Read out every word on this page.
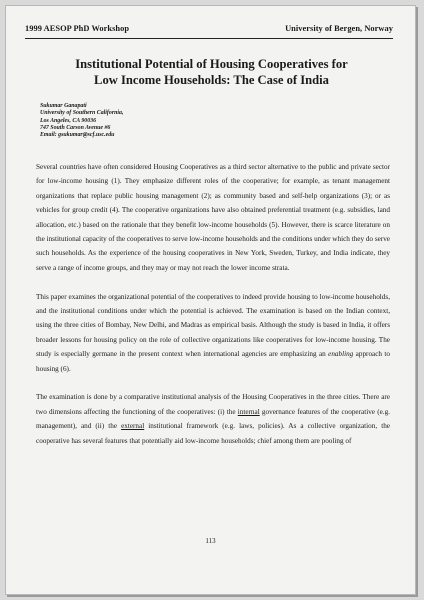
1999 AESOP PhD Workshop	University of Bergen, Norway
Institutional Potential of Housing Cooperatives for
Low Income Households: The Case of India
Sukumar Ganapati
University of Southern California,
Los Angeles, CA 90036
747 South Carson Avenue #6
Email: gsukumar@scf.usc.edu

Several countries have often considered Housing Cooperatives as a third sector alternative to the public and private sector for low-income housing (1). They emphasize different roles of the cooperative; for example, as tenant management organizations that replace public housing management (2); as community based and self-help organizations (3); or as vehicles for group credit (4). The cooperative organizations have also obtained preferential treatment (e.g. subsidies, land allocation, etc.) based on the rationale that they benefit low-income households (5). However, there is scarce literature on the institutional capacity of the cooperatives to serve low-income households and the conditions under which they do serve such households. As the experience of the housing cooperatives in New York, Sweden, Turkey, and India indicate, they serve a range of income groups, and they may or may not reach the lower income strata.

This paper examines the organizational potential of the cooperatives to indeed provide housing to low-income households, and the institutional conditions under which the potential is achieved. The examination is based on the Indian context, using the three cities of Bombay, New Delhi, and Madras as empirical basis. Although the study is based in India, it offers broader lessons for housing policy on the role of collective organizations like cooperatives for low-income housing. The study is especially germane in the present context when international agencies are emphasizing an enabling approach to housing (6).

The examination is done by a comparative institutional analysis of the Housing Cooperatives in the three cities. There are two dimensions affecting the functioning of the cooperatives: (i) the internal governance features of the cooperative (e.g. management), and (ii) the external institutional framework (e.g. laws, policies). As a collective organization, the cooperative has several features that potentially aid low-income households; chief among them are pooling of

113
